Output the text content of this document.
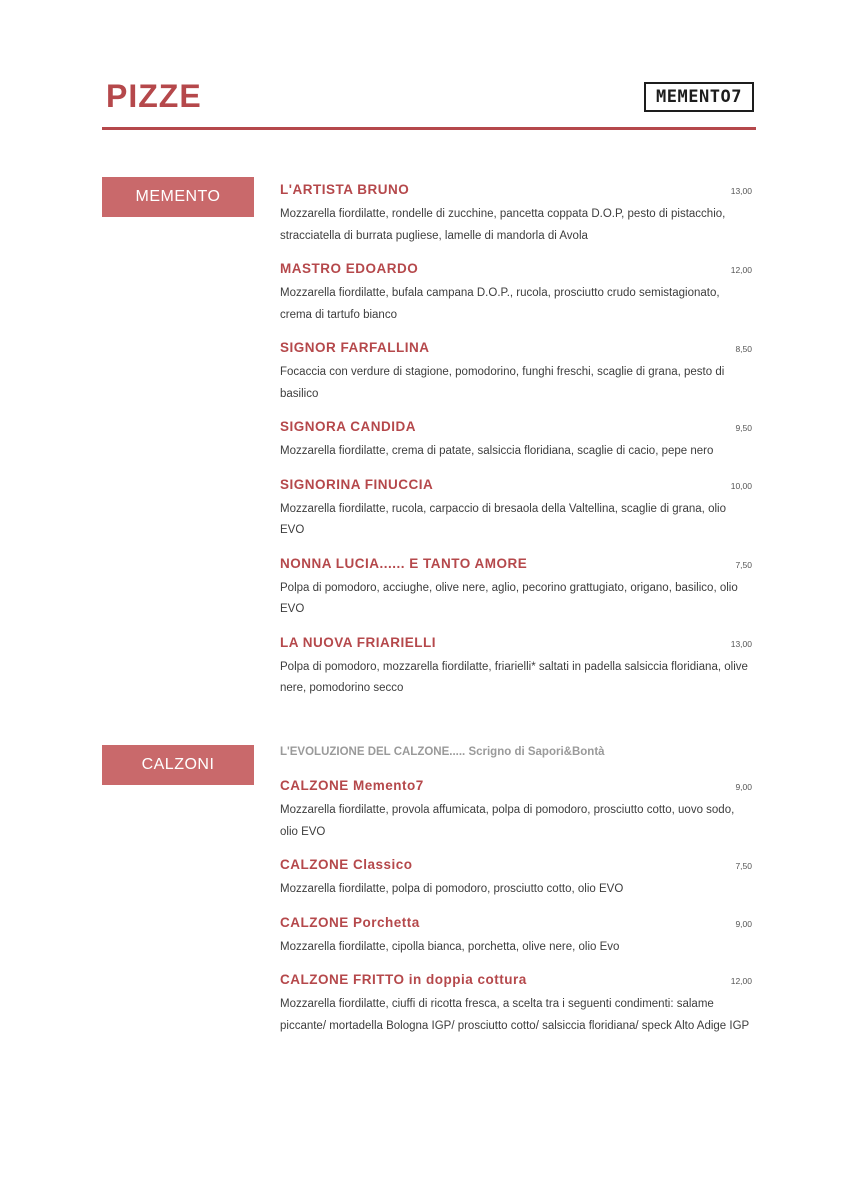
PIZZE	MEMENTO7
MEMENTO	L'ARTISTA BRUNO	13,00
Mozzarella fiordilatte, rondelle di zucchine, pancetta coppata D.O.P, pesto di pistacchio, stracciatella di burrata pugliese, lamelle di mandorla di Avola
MASTRO EDOARDO	12,00
Mozzarella fiordilatte, bufala campana D.O.P., rucola, prosciutto crudo semistagionato, crema di tartufo bianco
SIGNOR FARFALLINA	8,50
Focaccia con verdure di stagione, pomodorino, funghi freschi, scaglie di grana, pesto di basilico
SIGNORA CANDIDA	9,50
Mozzarella fiordilatte, crema di patate, salsiccia floridiana, scaglie di cacio, pepe nero
SIGNORINA FINUCCIA	10,00
Mozzarella fiordilatte, rucola, carpaccio di bresaola della Valtellina, scaglie di grana, olio EVO
NONNA LUCIA...... E TANTO AMORE	7,50
Polpa di pomodoro, acciughe, olive nere, aglio, pecorino grattugiato, origano, basilico, olio EVO
LA NUOVA FRIARIELLI	13,00
Polpa di pomodoro, mozzarella fiordilatte, friarielli* saltati in padella salsiccia floridiana, olive nere, pomodorino secco
CALZONI
L'EVOLUZIONE DEL CALZONE..... Scrigno di Sapori&Bontà
CALZONE Memento7	9,00
Mozzarella fiordilatte, provola affumicata, polpa di pomodoro, prosciutto cotto, uovo sodo, olio EVO
CALZONE Classico	7,50
Mozzarella fiordilatte, polpa di pomodoro, prosciutto cotto, olio EVO
CALZONE Porchetta	9,00
Mozzarella fiordilatte, cipolla bianca, porchetta, olive nere, olio Evo
CALZONE FRITTO in doppia cottura	12,00
Mozzarella fiordilatte, ciuffi di ricotta fresca, a scelta tra i seguenti condimenti: salame piccante/ mortadella Bologna IGP/ prosciutto cotto/ salsiccia floridiana/ speck Alto Adige IGP
